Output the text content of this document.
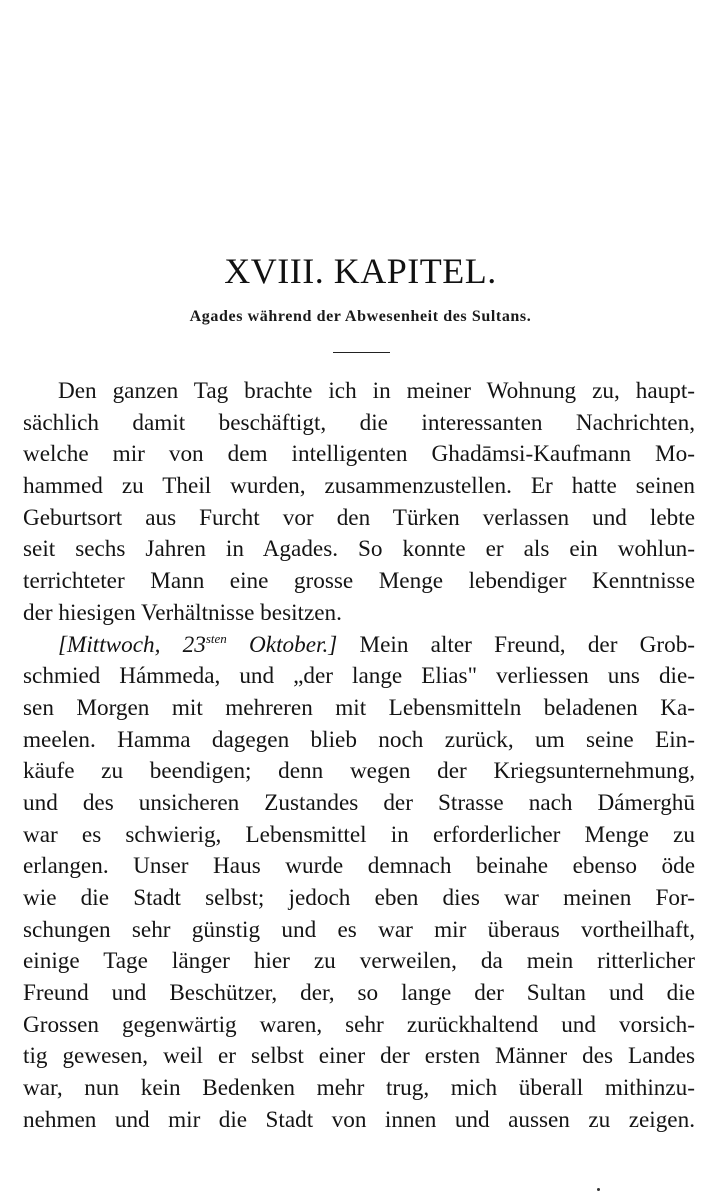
XVIII. KAPITEL.
Agades während der Abwesenheit des Sultans.
Den ganzen Tag brachte ich in meiner Wohnung zu, haupt-
sächlich damit beschäftigt, die interessanten Nachrichten,
welche mir von dem intelligenten Ghadāmsi-Kaufmann Mo-
hammed zu Theil wurden, zusammenzustellen. Er hatte seinen
Geburtsort aus Furcht vor den Türken verlassen und lebte
seit sechs Jahren in Agades. So konnte er als ein wohlun-
terrichteter Mann eine grosse Menge lebendiger Kenntnisse
der hiesigen Verhältnisse besitzen.
[Mittwoch, $23^{sten}$ Oktober.] Mein alter Freund, der Grob-
schmied Hámmeda, und „der lange Elias" verliessen uns die-
sen Morgen mit mehreren mit Lebensmitteln beladenen Ka-
meelen. Hamma dagegen blieb noch zurück, um seine Ein-
käufe zu beendigen; denn wegen der Kriegsunternehmung,
und des unsicheren Zustandes der Strasse nach Dámerghū
war es schwierig, Lebensmittel in erforderlicher Menge zu
erlangen. Unser Haus wurde demnach beinahe ebenso öde
wie die Stadt selbst; jedoch eben dies war meinen For-
schungen sehr günstig und es war mir überaus vortheilhaft,
einige Tage länger hier zu verweilen, da mein ritterlicher
Freund und Beschützer, der, so lange der Sultan und die
Grossen gegenwärtig waren, sehr zurückhaltend und vorsich-
tig gewesen, weil er selbst einer der ersten Männer des Landes
war, nun kein Bedenken mehr trug, mich überall mithinzu-
nehmen und mir die Stadt von innen und aussen zu zeigen.
